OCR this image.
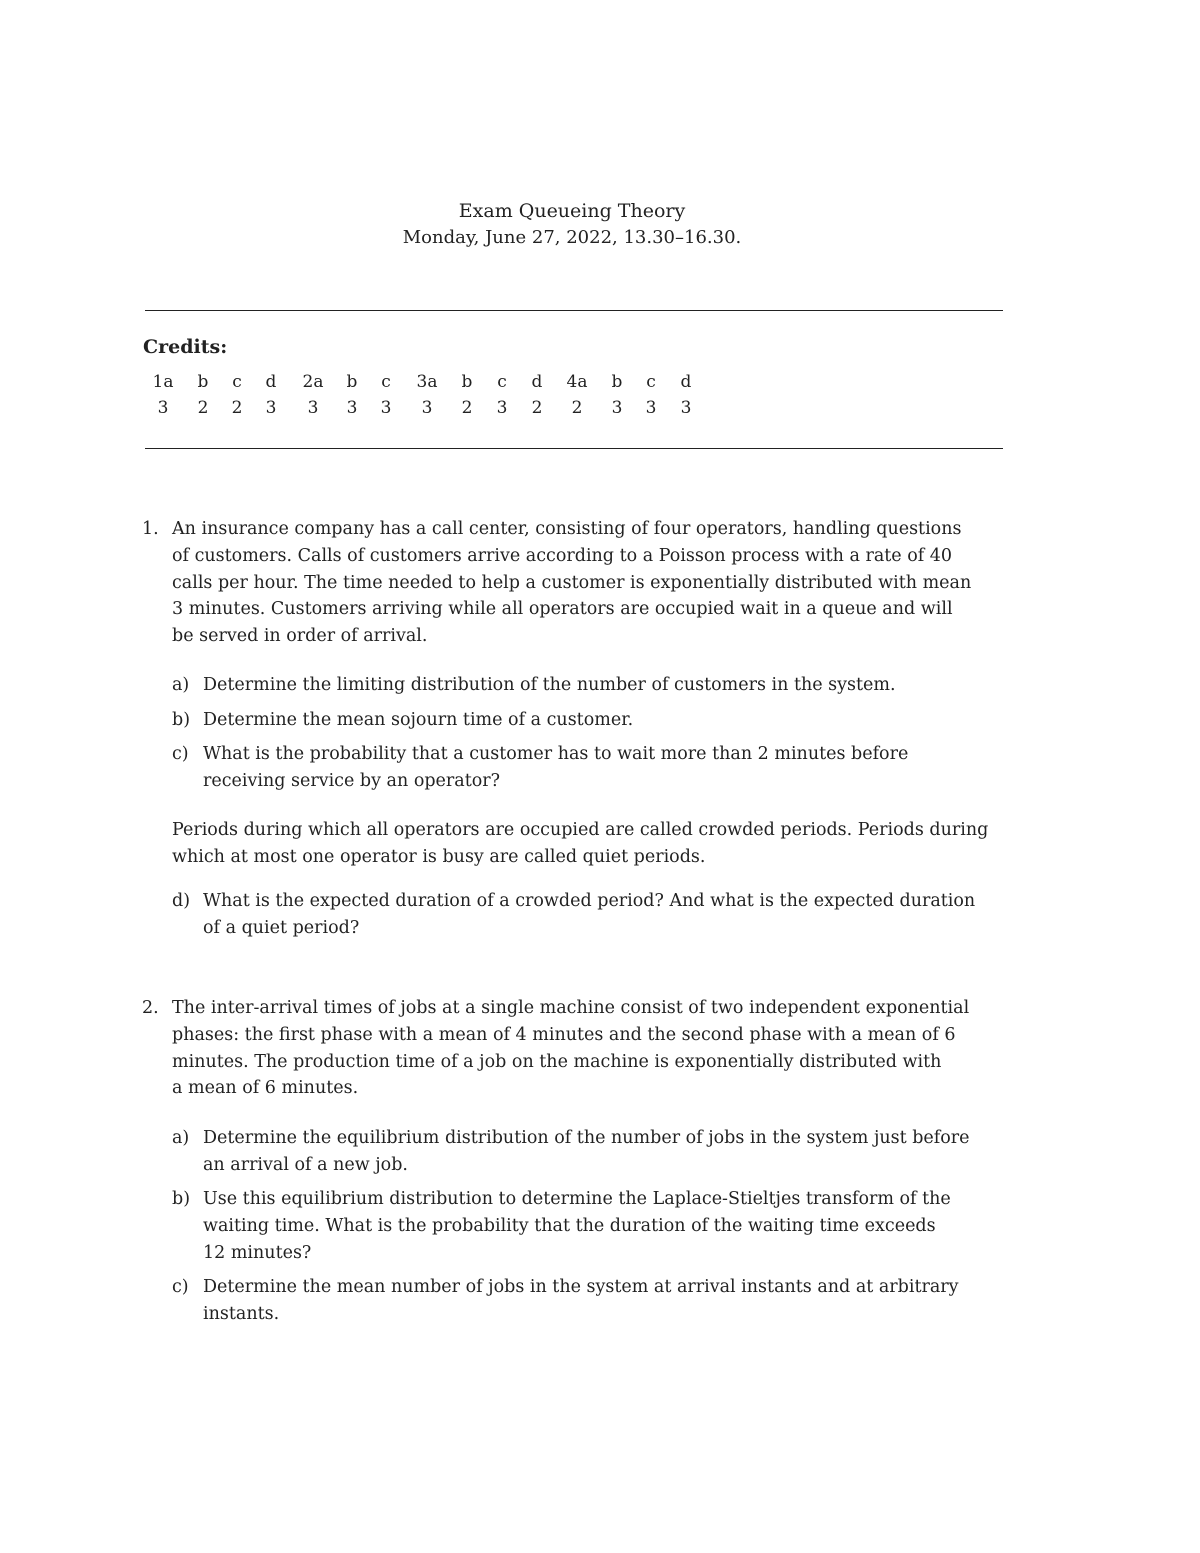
Exam Queueing Theory
Monday, June 27, 2022, 13.30–16.30.
Credits:
1a	b	c	d	2a	b	c	3a	b	c	d	4a	b	c	d
3	2	2	3	3	3	3	3	2	3	2	2	3	3	3
1. An insurance company has a call center, consisting of four operators, handling questions
of customers. Calls of customers arrive according to a Poisson process with a rate of 40
calls per hour. The time needed to help a customer is exponentially distributed with mean
3 minutes. Customers arriving while all operators are occupied wait in a queue and will
be served in order of arrival.
a) Determine the limiting distribution of the number of customers in the system.
b) Determine the mean sojourn time of a customer.
c) What is the probability that a customer has to wait more than 2 minutes before
receiving service by an operator?
Periods during which all operators are occupied are called crowded periods. Periods during
which at most one operator is busy are called quiet periods.
d) What is the expected duration of a crowded period? And what is the expected duration
of a quiet period?
2. The inter-arrival times of jobs at a single machine consist of two independent exponential
phases: the first phase with a mean of 4 minutes and the second phase with a mean of 6
minutes. The production time of a job on the machine is exponentially distributed with
a mean of 6 minutes.
a) Determine the equilibrium distribution of the number of jobs in the system just before
an arrival of a new job.
b) Use this equilibrium distribution to determine the Laplace-Stieltjes transform of the
waiting time. What is the probability that the duration of the waiting time exceeds
12 minutes?
c) Determine the mean number of jobs in the system at arrival instants and at arbitrary
instants.
